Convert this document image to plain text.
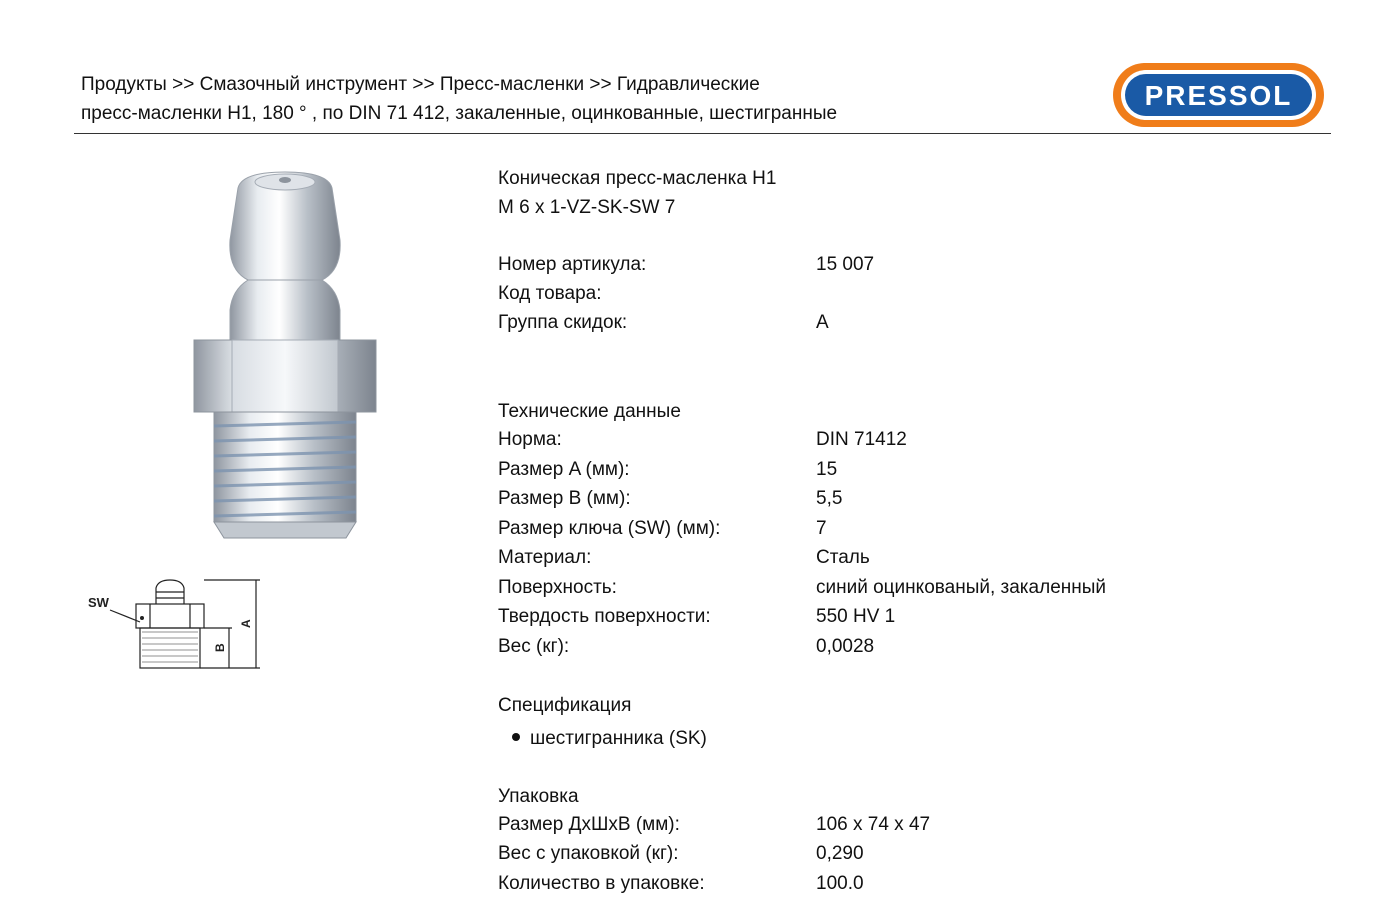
Продукты >> Смазочный инструмент >> Пресс-масленки >> Гидравлические
пресс-масленки H1, 180 ° , по DIN 71 412, закаленные, оцинкованные, шестигранные
PRESSOL
SW
A
B
Коническая пресс-масленка H1
M 6 x 1-VZ-SK-SW 7
Номер артикула:	15 007
Код товара:
Группа скидок:	A
Технические данные
Норма:	DIN 71412
Размер A (мм):	15
Размер B (мм):	5,5
Размер ключа (SW) (мм):	7
Материал:	Сталь
Поверхность:	синий оцинкованый, закаленный
Твердость поверхности:	550 HV 1
Вес (кг):	0,0028
Спецификация
шестигранника (SK)
Упаковка
Размер ДхШхВ (мм):	106 x 74 x 47
Вес с упаковкой (кг):	0,290
Количество в упаковке:	100.0
